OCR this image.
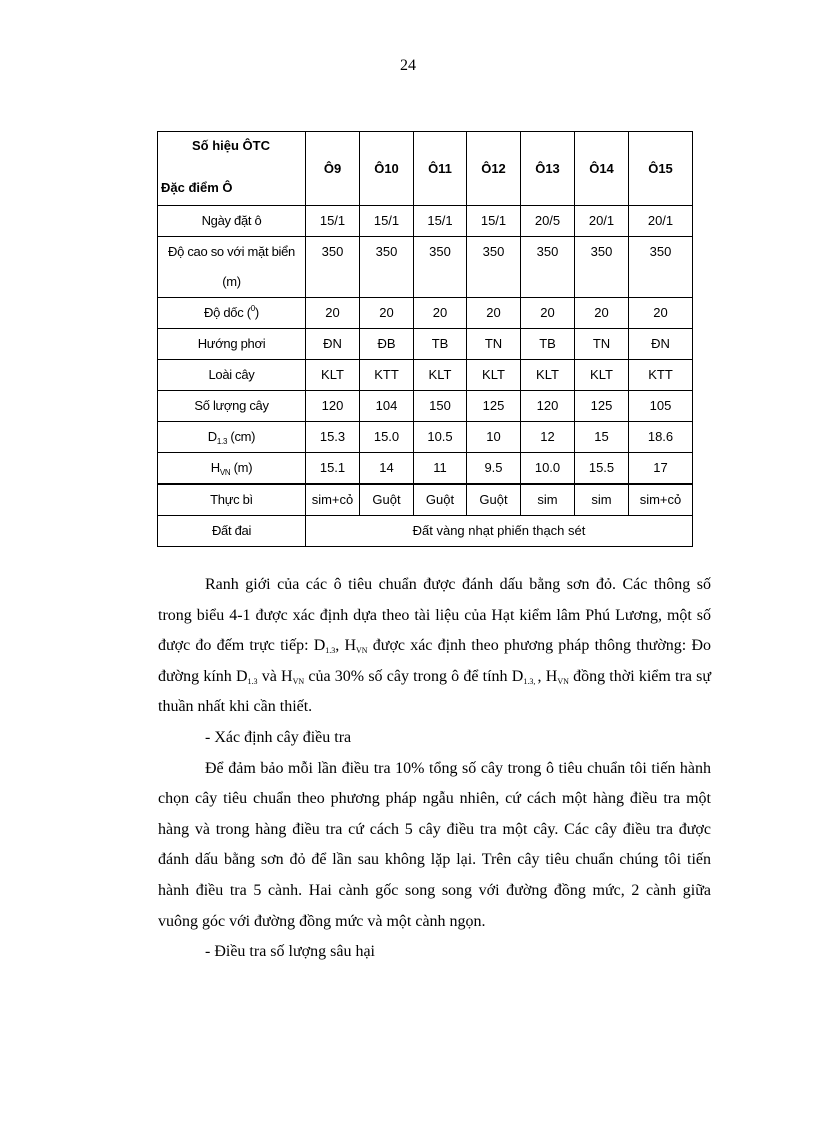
24
Số hiệu ÔTC
Đặc điểm Ô	Ô9	Ô10	Ô11	Ô12	Ô13	Ô14	Ô15
Ngày đặt ô	15/1	15/1	15/1	15/1	20/5	20/1	20/1

Độ cao so với mặt biển
(m)	350	350	350	350	350	350	350
Độ dốc ($^0$)	20	20	20	20	20	20	20
Hướng phơi	ĐN	ĐB	TB	TN	TB	TN	ĐN
Loài cây	KLT	KTT	KLT	KLT	KLT	KLT	KTT
Số lượng cây	120	104	150	125	120	125	105
$D_{1.3}$ (cm)	15.3	15.0	10.5	10	12	15	18.6
$H_{VN}$ (m)	15.1	14	11	9.5	10.0	15.5	17
Thực bì	sim+cỏ	Guột	Guột	Guột	sim	sim	sim+cỏ
Đất đai	Đất vàng nhạt phiến thạch sét						

Ranh giới của các ô tiêu chuẩn được đánh dấu bằng sơn đỏ. Các thông số trong biểu 4-1 được xác định dựa theo tài liệu của Hạt kiểm lâm Phú Lương, một số được đo đếm trực tiếp: $D_{1.3}$, $H_{VN}$ được xác định theo phương pháp thông thường: Đo đường kính $D_{1.3}$ và $H_{VN}$ của 30% số cây trong ô để tính $D_{1.3,}$ , $H_{VN}$ đồng thời kiểm tra sự thuần nhất khi cần thiết.

- Xác định cây điều tra

Để đảm bảo mỗi lần điều tra 10% tổng số cây trong ô tiêu chuẩn tôi tiến hành chọn cây tiêu chuẩn theo phương pháp ngẫu nhiên, cứ cách một hàng điều tra một hàng và trong hàng điều tra cứ cách 5 cây điều tra một cây. Các cây điều tra được đánh dấu bằng sơn đỏ để lần sau không lặp lại. Trên cây tiêu chuẩn chúng tôi tiến hành điều tra 5 cành. Hai cành gốc song song với đường đồng mức, 2 cành giữa vuông góc với đường đồng mức và một cành ngọn.

- Điều tra số lượng sâu hại
